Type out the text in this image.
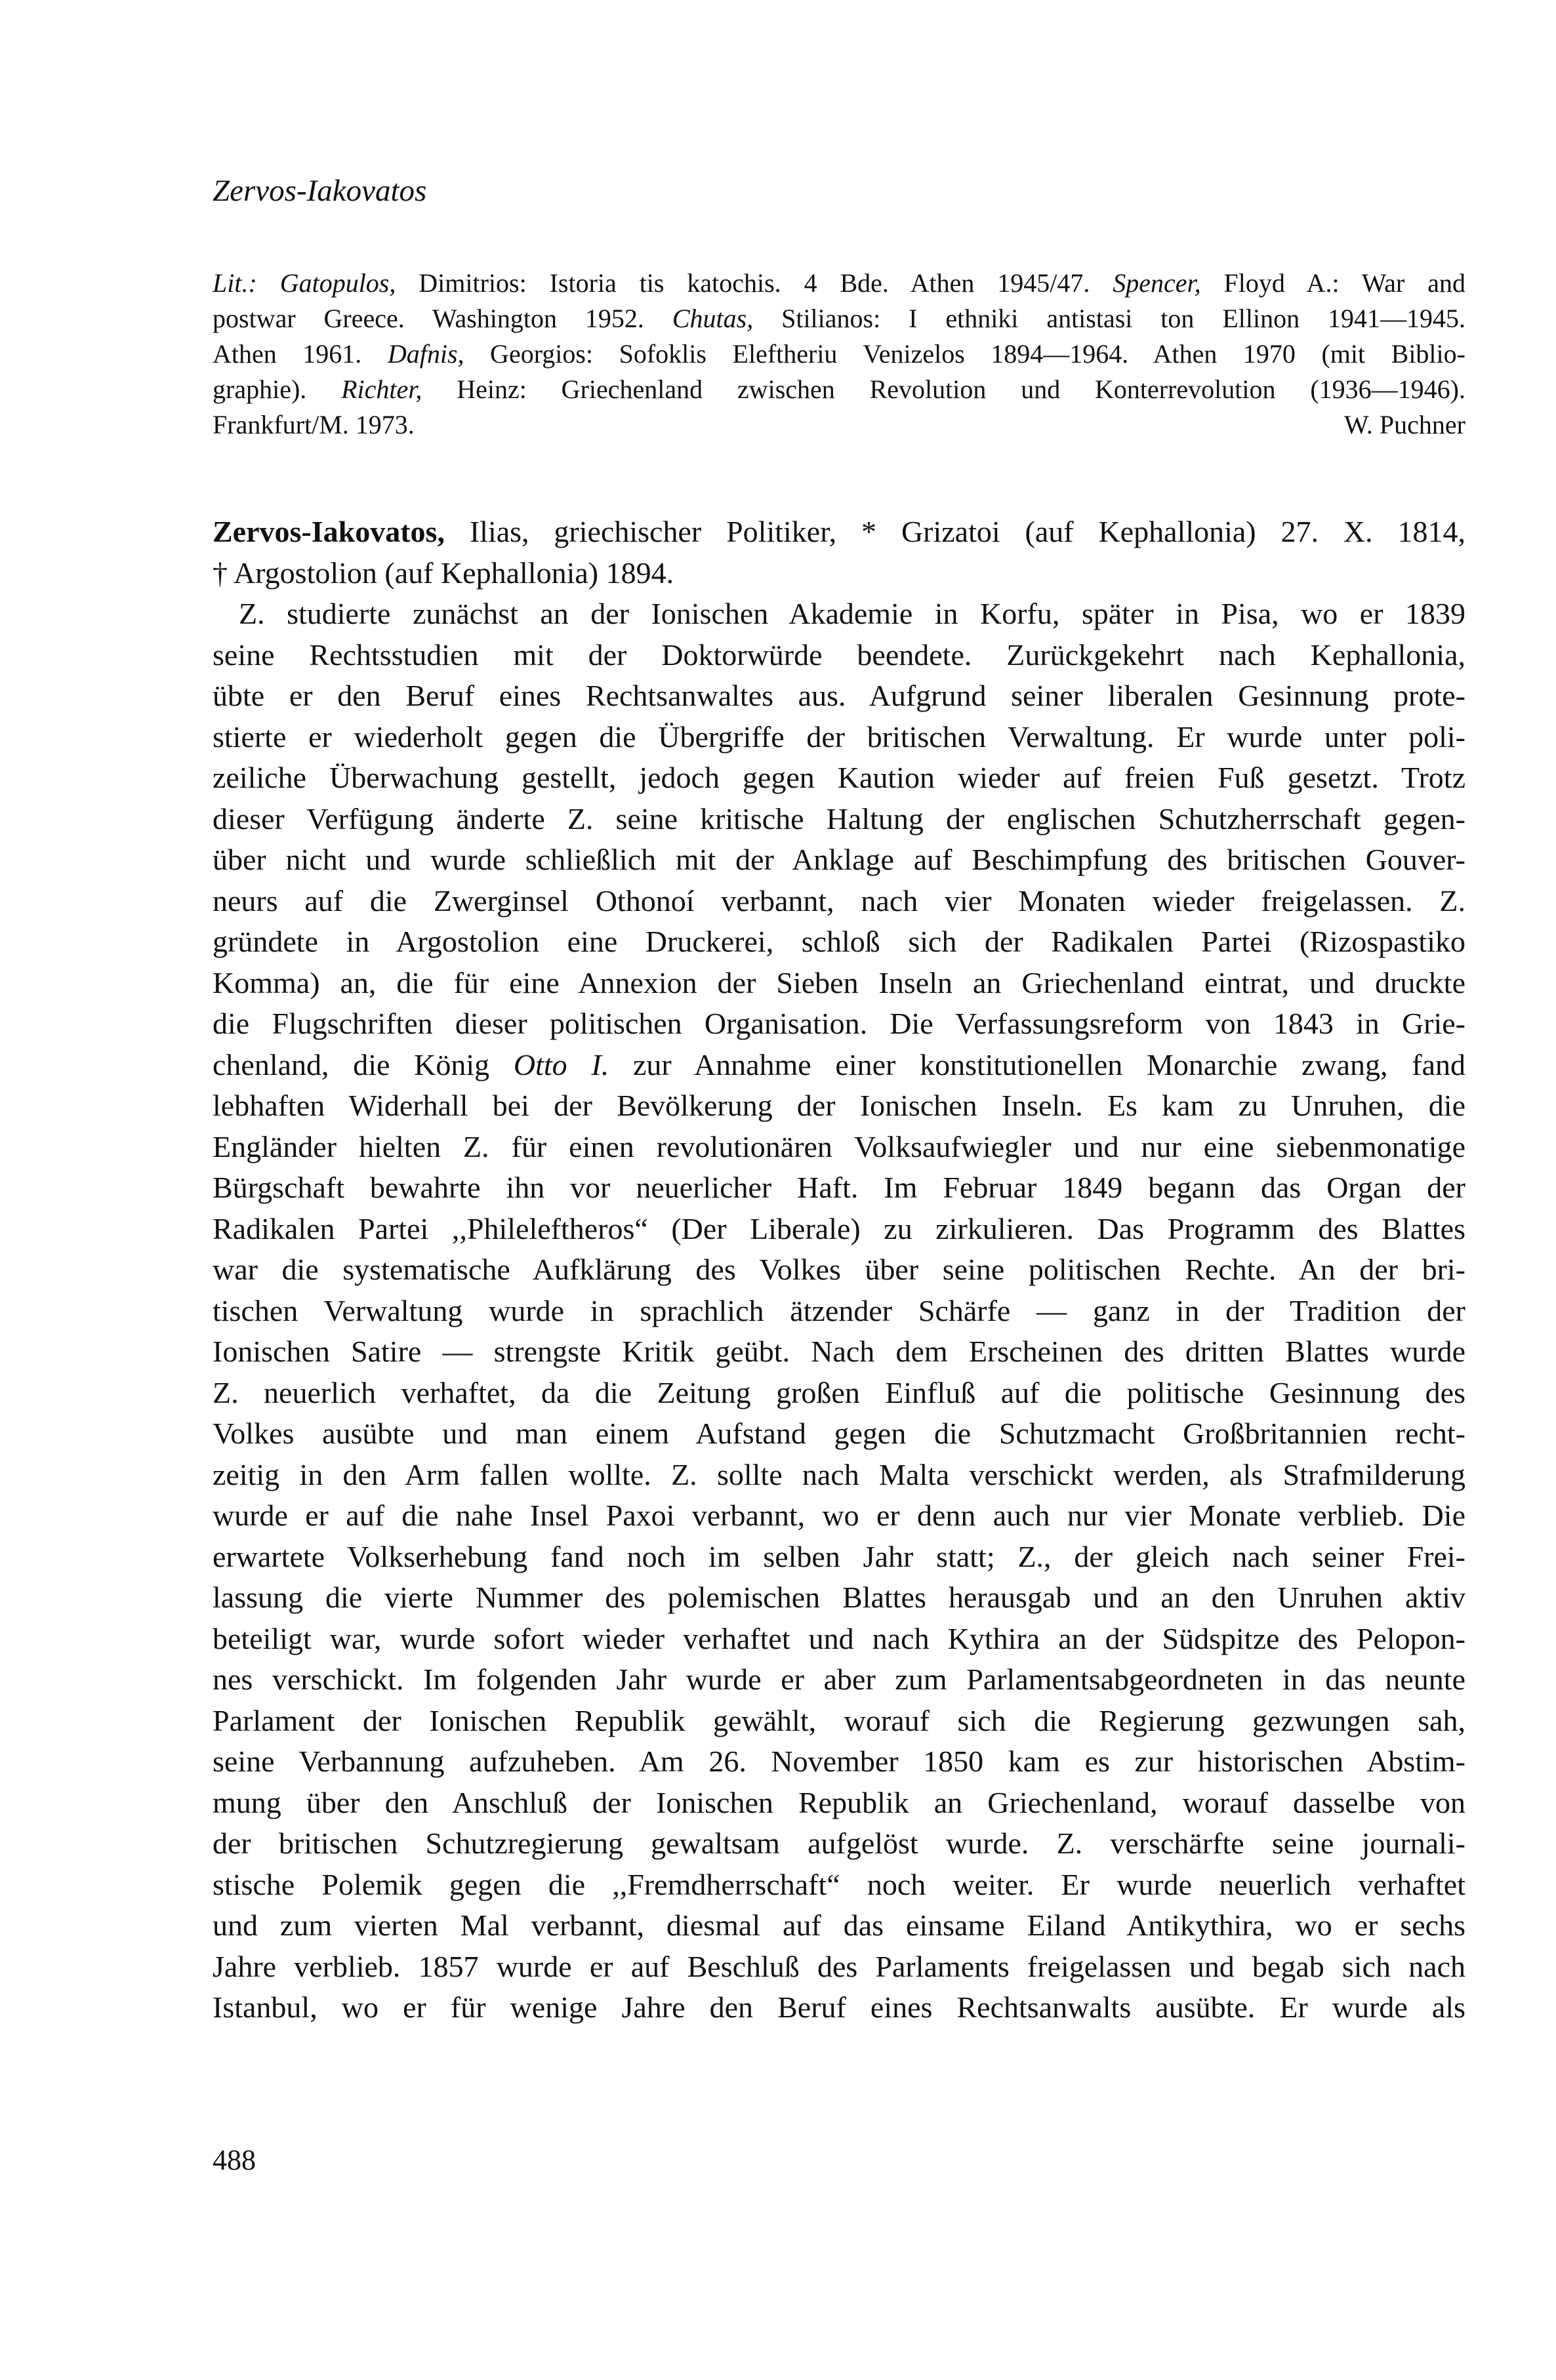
Zervos-Iakovatos
Lit.: Gatopulos, Dimitrios: Istoria tis katochis. 4 Bde. Athen 1945/47. Spencer, Floyd A.: War and
postwar Greece. Washington 1952. Chutas, Stilianos: I ethniki antistasi ton Ellinon 1941—1945.
Athen 1961. Dafnis, Georgios: Sofoklis Eleftheriu Venizelos 1894—1964. Athen 1970 (mit Biblio-
graphie). Richter, Heinz: Griechenland zwischen Revolution und Konterrevolution (1936—1946).
Frankfurt/M. 1973.	W. Puchner
Zervos-Iakovatos, Ilias, griechischer Politiker, * Grizatoi (auf Kephallonia) 27. X. 1814,
† Argostolion (auf Kephallonia) 1894.
Z. studierte zunächst an der Ionischen Akademie in Korfu, später in Pisa, wo er 1839
seine Rechtsstudien mit der Doktorwürde beendete. Zurückgekehrt nach Kephallonia,
übte er den Beruf eines Rechtsanwaltes aus. Aufgrund seiner liberalen Gesinnung prote-
stierte er wiederholt gegen die Übergriffe der britischen Verwaltung. Er wurde unter poli-
zeiliche Überwachung gestellt, jedoch gegen Kaution wieder auf freien Fuß gesetzt. Trotz
dieser Verfügung änderte Z. seine kritische Haltung der englischen Schutzherrschaft gegen-
über nicht und wurde schließlich mit der Anklage auf Beschimpfung des britischen Gouver-
neurs auf die Zwerginsel Othonoí verbannt, nach vier Monaten wieder freigelassen. Z.
gründete in Argostolion eine Druckerei, schloß sich der Radikalen Partei (Rizospastiko
Komma) an, die für eine Annexion der Sieben Inseln an Griechenland eintrat, und druckte
die Flugschriften dieser politischen Organisation. Die Verfassungsreform von 1843 in Grie-
chenland, die König Otto I. zur Annahme einer konstitutionellen Monarchie zwang, fand
lebhaften Widerhall bei der Bevölkerung der Ionischen Inseln. Es kam zu Unruhen, die
Engländer hielten Z. für einen revolutionären Volksaufwiegler und nur eine siebenmonatige
Bürgschaft bewahrte ihn vor neuerlicher Haft. Im Februar 1849 begann das Organ der
Radikalen Partei ,,Phileleftheros“ (Der Liberale) zu zirkulieren. Das Programm des Blattes
war die systematische Aufklärung des Volkes über seine politischen Rechte. An der bri-
tischen Verwaltung wurde in sprachlich ätzender Schärfe — ganz in der Tradition der
Ionischen Satire — strengste Kritik geübt. Nach dem Erscheinen des dritten Blattes wurde
Z. neuerlich verhaftet, da die Zeitung großen Einfluß auf die politische Gesinnung des
Volkes ausübte und man einem Aufstand gegen die Schutzmacht Großbritannien recht-
zeitig in den Arm fallen wollte. Z. sollte nach Malta verschickt werden, als Strafmilderung
wurde er auf die nahe Insel Paxoi verbannt, wo er denn auch nur vier Monate verblieb. Die
erwartete Volkserhebung fand noch im selben Jahr statt; Z., der gleich nach seiner Frei-
lassung die vierte Nummer des polemischen Blattes herausgab und an den Unruhen aktiv
beteiligt war, wurde sofort wieder verhaftet und nach Kythira an der Südspitze des Pelopon-
nes verschickt. Im folgenden Jahr wurde er aber zum Parlamentsabgeordneten in das neunte
Parlament der Ionischen Republik gewählt, worauf sich die Regierung gezwungen sah,
seine Verbannung aufzuheben. Am 26. November 1850 kam es zur historischen Abstim-
mung über den Anschluß der Ionischen Republik an Griechenland, worauf dasselbe von
der britischen Schutzregierung gewaltsam aufgelöst wurde. Z. verschärfte seine journali-
stische Polemik gegen die ,,Fremdherrschaft“ noch weiter. Er wurde neuerlich verhaftet
und zum vierten Mal verbannt, diesmal auf das einsame Eiland Antikythira, wo er sechs
Jahre verblieb. 1857 wurde er auf Beschluß des Parlaments freigelassen und begab sich nach
Istanbul, wo er für wenige Jahre den Beruf eines Rechtsanwalts ausübte. Er wurde als
488
